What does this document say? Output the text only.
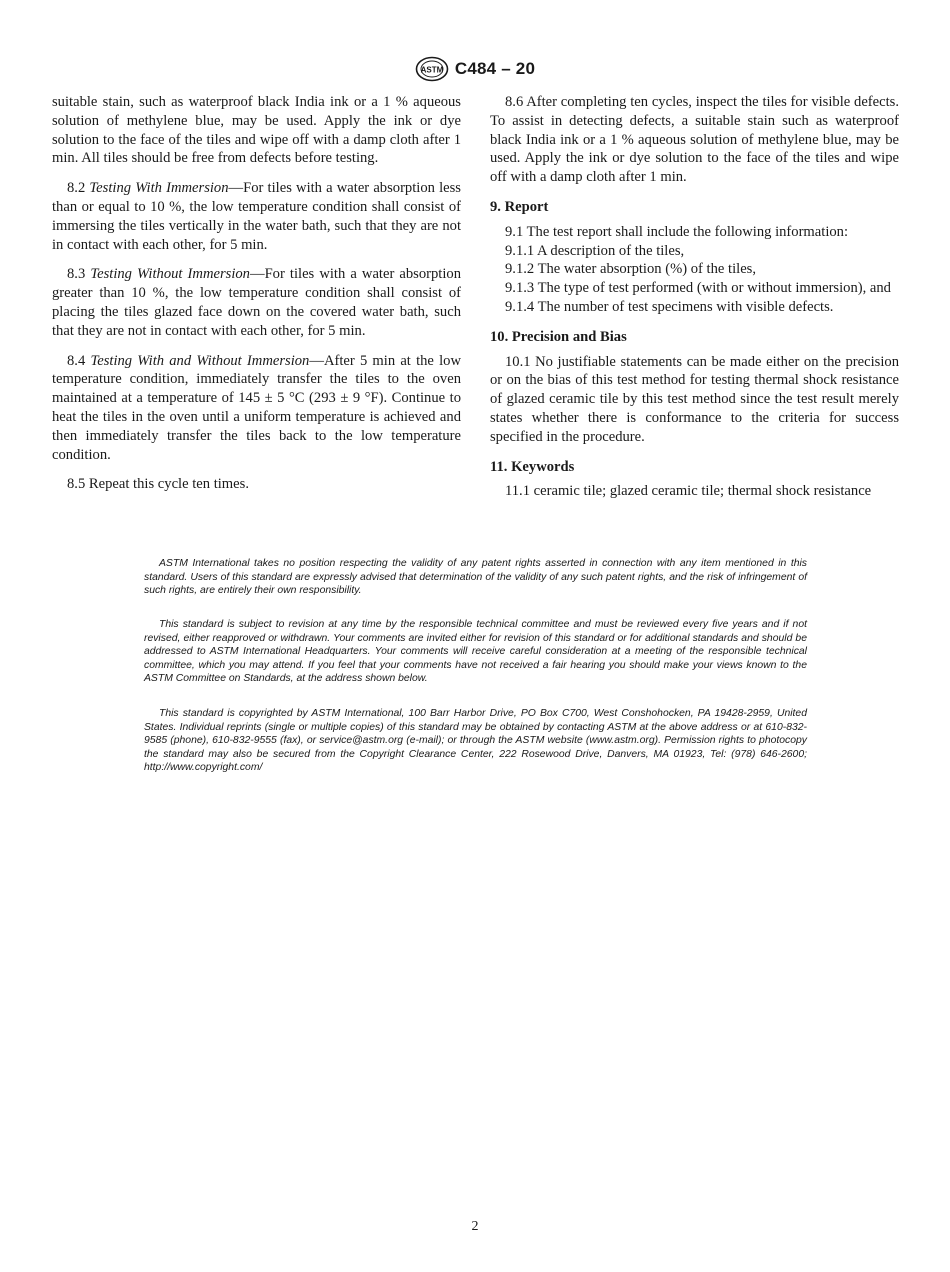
ASTM C484 – 20

suitable stain, such as waterproof black India ink or a 1 % aqueous solution of methylene blue, may be used. Apply the ink or dye solution to the face of the tiles and wipe off with a damp cloth after 1 min. All tiles should be free from defects before testing.

8.2 Testing With Immersion—For tiles with a water absorption less than or equal to 10 %, the low temperature condition shall consist of immersing the tiles vertically in the water bath, such that they are not in contact with each other, for 5 min.

8.3 Testing Without Immersion—For tiles with a water absorption greater than 10 %, the low temperature condition shall consist of placing the tiles glazed face down on the covered water bath, such that they are not in contact with each other, for 5 min.

8.4 Testing With and Without Immersion—After 5 min at the low temperature condition, immediately transfer the tiles to the oven maintained at a temperature of 145 ± 5 °C (293 ± 9 °F). Continue to heat the tiles in the oven until a uniform temperature is achieved and then immediately transfer the tiles back to the low temperature condition.

8.5 Repeat this cycle ten times.

8.6 After completing ten cycles, inspect the tiles for visible defects. To assist in detecting defects, a suitable stain such as waterproof black India ink or a 1 % aqueous solution of methylene blue, may be used. Apply the ink or dye solution to the face of the tiles and wipe off with a damp cloth after 1 min.

9. Report

9.1 The test report shall include the following information:

9.1.1 A description of the tiles,

9.1.2 The water absorption (%) of the tiles,

9.1.3 The type of test performed (with or without immersion), and

9.1.4 The number of test specimens with visible defects.

10. Precision and Bias

10.1 No justifiable statements can be made either on the precision or on the bias of this test method for testing thermal shock resistance of glazed ceramic tile by this test method since the test result merely states whether there is conformance to the criteria for success specified in the procedure.

11. Keywords

11.1 ceramic tile; glazed ceramic tile; thermal shock resistance

ASTM International takes no position respecting the validity of any patent rights asserted in connection with any item mentioned in this standard. Users of this standard are expressly advised that determination of the validity of any such patent rights, and the risk of infringement of such rights, are entirely their own responsibility.

This standard is subject to revision at any time by the responsible technical committee and must be reviewed every five years and if not revised, either reapproved or withdrawn. Your comments are invited either for revision of this standard or for additional standards and should be addressed to ASTM International Headquarters. Your comments will receive careful consideration at a meeting of the responsible technical committee, which you may attend. If you feel that your comments have not received a fair hearing you should make your views known to the ASTM Committee on Standards, at the address shown below.

This standard is copyrighted by ASTM International, 100 Barr Harbor Drive, PO Box C700, West Conshohocken, PA 19428-2959, United States. Individual reprints (single or multiple copies) of this standard may be obtained by contacting ASTM at the above address or at 610-832-9585 (phone), 610-832-9555 (fax), or service@astm.org (e-mail); or through the ASTM website (www.astm.org). Permission rights to photocopy the standard may also be secured from the Copyright Clearance Center, 222 Rosewood Drive, Danvers, MA 01923, Tel: (978) 646-2600; http://www.copyright.com/

2
